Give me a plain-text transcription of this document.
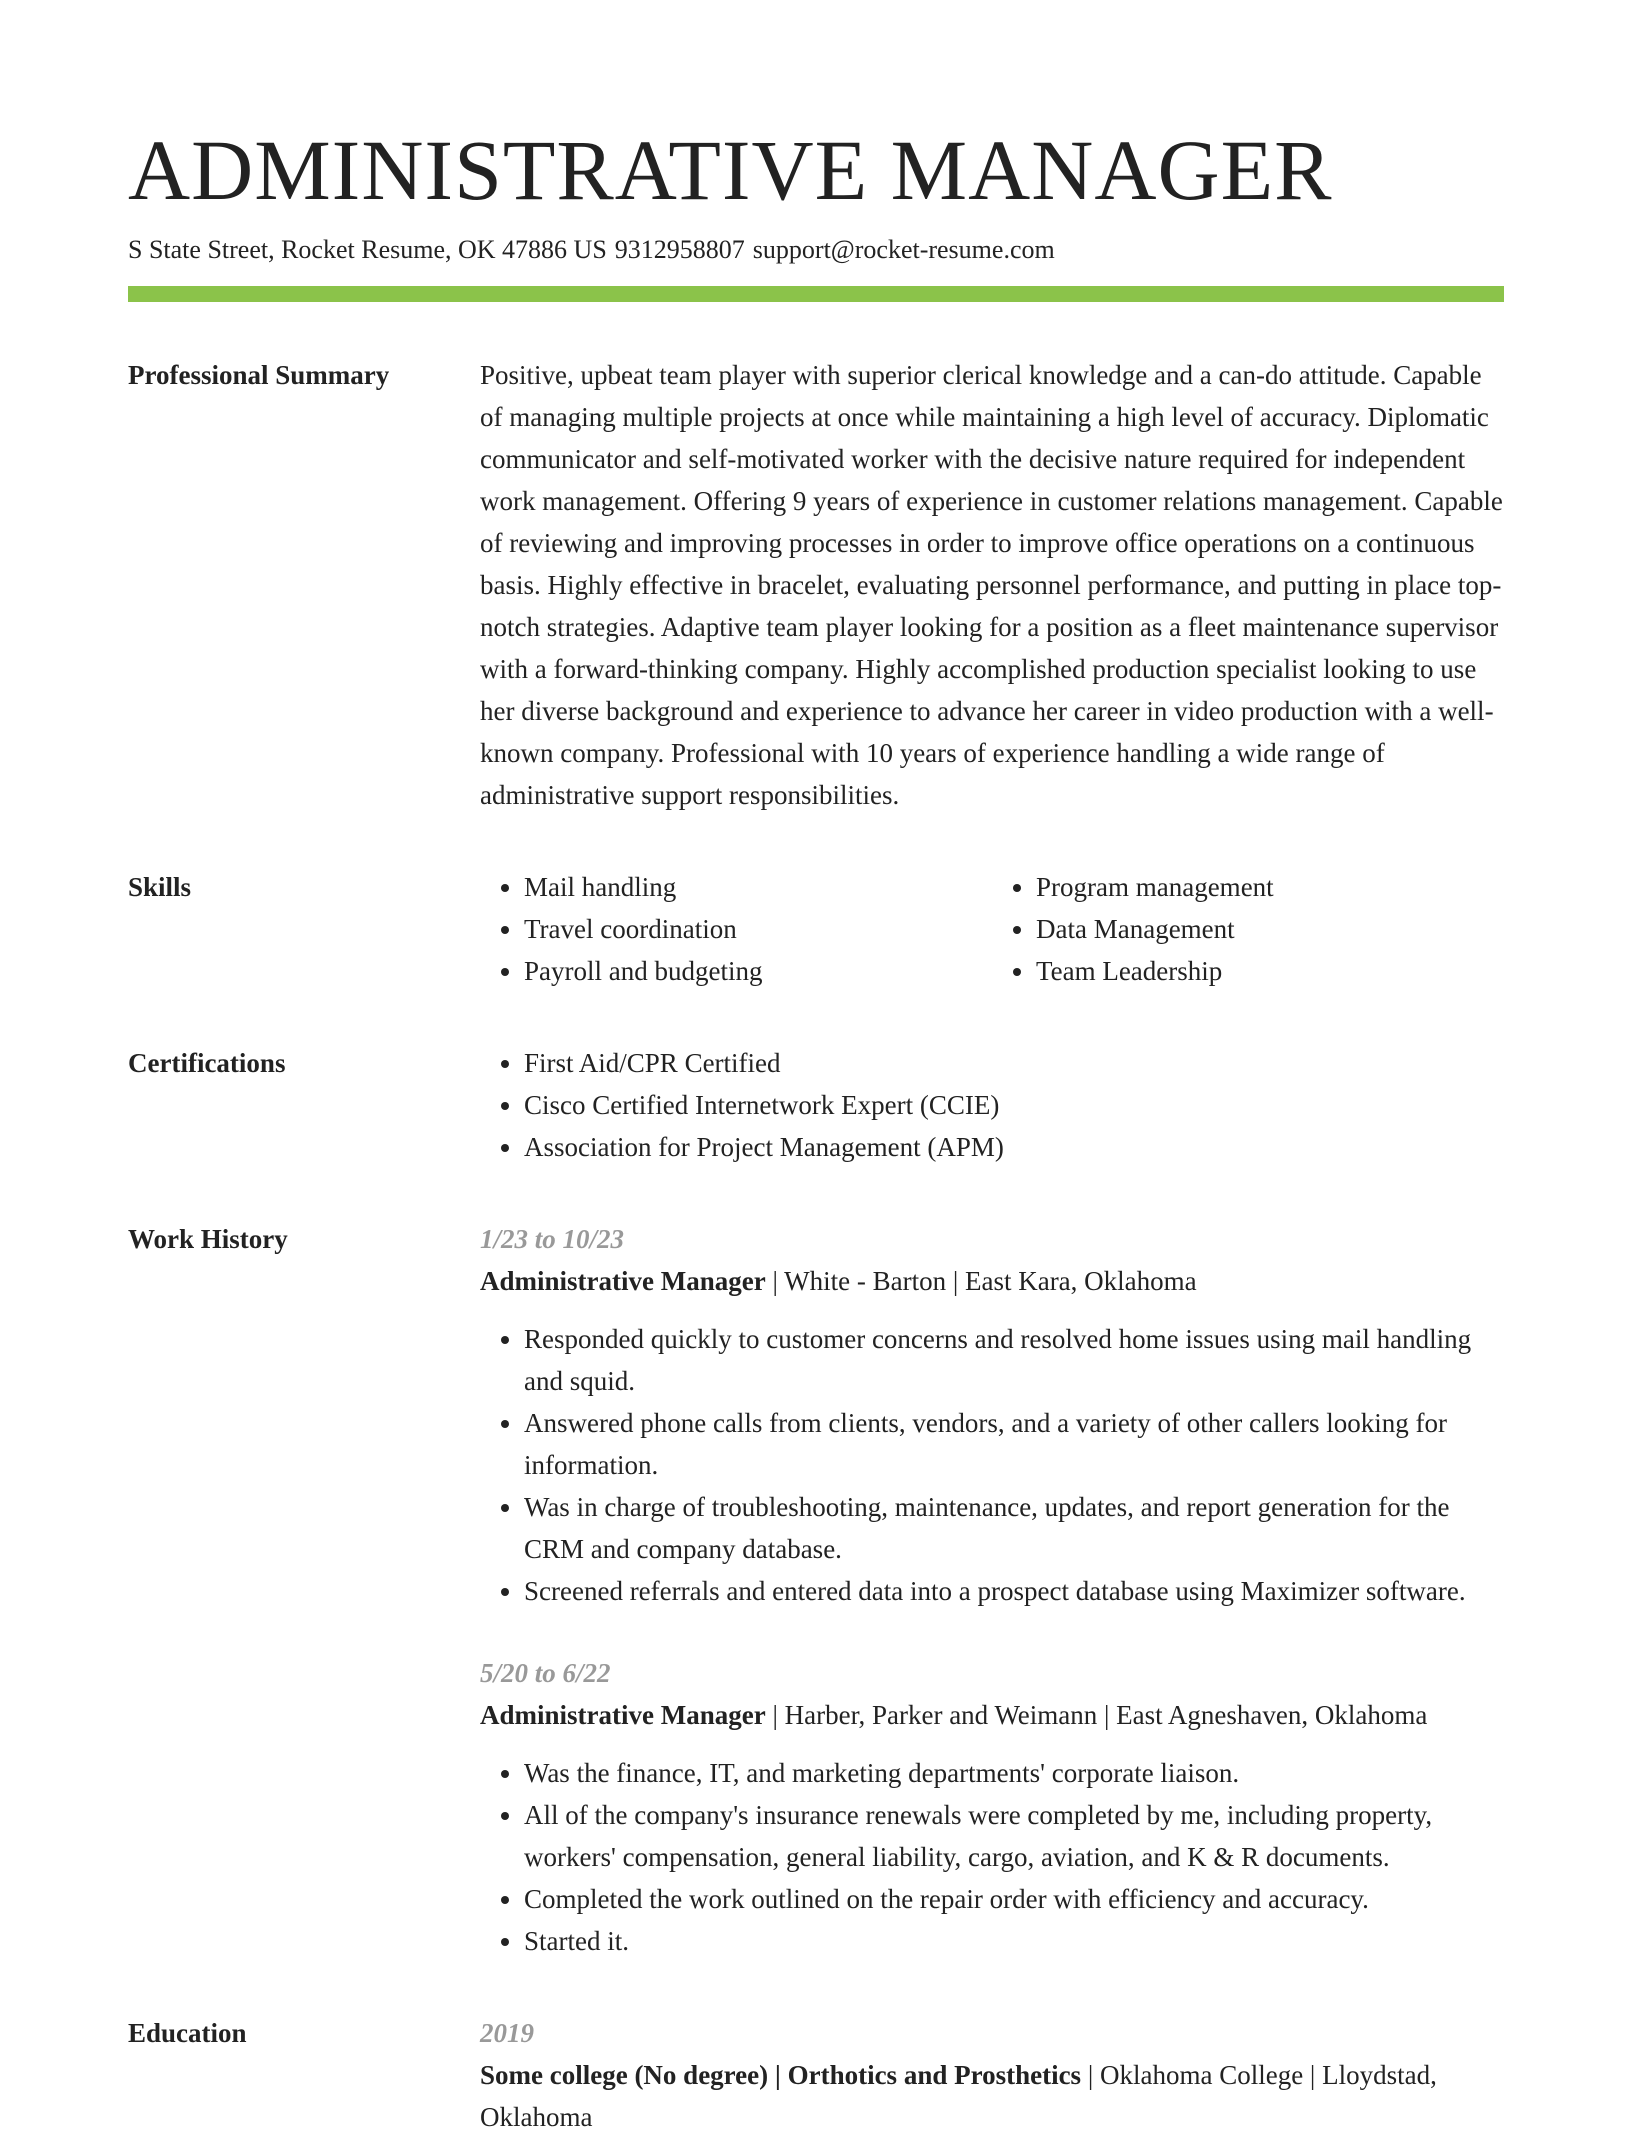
ADMINISTRATIVE MANAGER
S State Street, Rocket Resume, OK 47886 US 9312958807 support@rocket-resume.com
Professional Summary	Positive, upbeat team player with superior clerical knowledge and a can-do attitude. Capable of managing multiple projects at once while maintaining a high level of accuracy. Diplomatic communicator and self-motivated worker with the decisive nature required for independent work management. Offering 9 years of experience in customer relations management. Capable of reviewing and improving processes in order to improve office operations on a continuous basis. Highly effective in bracelet, evaluating personnel performance, and putting in place top-notch strategies. Adaptive team player looking for a position as a fleet maintenance supervisor with a forward-thinking company. Highly accomplished production specialist looking to use her diverse background and experience to advance her career in video production with a well-known company. Professional with 10 years of experience handling a wide range of administrative support responsibilities.

Skills	• Mail handling
• Travel coordination
• Payroll and budgeting
• Program management
• Data Management
• Team Leadership
Certifications	• First Aid/CPR Certified
• Cisco Certified Internetwork Expert (CCIE)
• Association for Project Management (APM)
Work History	1/23 to 10/23
Administrative Manager | White - Barton | East Kara, Oklahoma
• Responded quickly to customer concerns and resolved home issues using mail handling and squid.
• Answered phone calls from clients, vendors, and a variety of other callers looking for information.
• Was in charge of troubleshooting, maintenance, updates, and report generation for the CRM and company database.
• Screened referrals and entered data into a prospect database using Maximizer software.
5/20 to 6/22
Administrative Manager | Harber, Parker and Weimann | East Agneshaven, Oklahoma
• Was the finance, IT, and marketing departments' corporate liaison.
• All of the company's insurance renewals were completed by me, including property, workers' compensation, general liability, cargo, aviation, and K & R documents.
• Completed the work outlined on the repair order with efficiency and accuracy.
• Started it.
Education	2019
Some college (No degree) | Orthotics and Prosthetics | Oklahoma College | Lloydstad, Oklahoma
